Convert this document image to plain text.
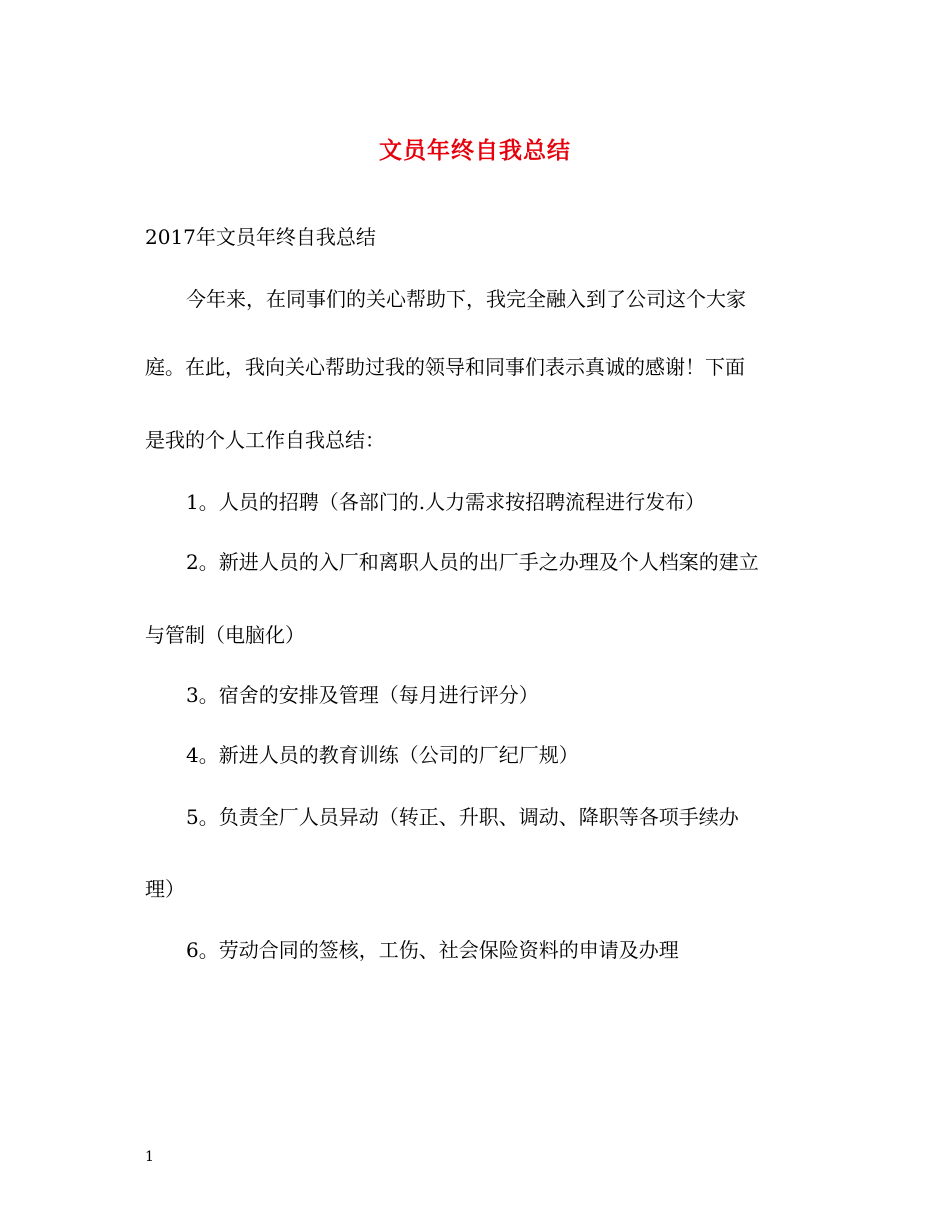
文员年终自我总结
2017年文员年终自我总结
今年来，在同事们的关心帮助下，我完全融入到了公司这个大家
庭。在此，我向关心帮助过我的领导和同事们表示真诚的感谢！下面
是我的个人工作自我总结：
1。人员的招聘（各部门的.人力需求按招聘流程进行发布）
2。新进人员的入厂和离职人员的出厂手之办理及个人档案的建立
与管制（电脑化）
3。宿舍的安排及管理（每月进行评分）
4。新进人员的教育训练（公司的厂纪厂规）
5。负责全厂人员异动（转正、升职、调动、降职等各项手续办
理）
6。劳动合同的签核，工伤、社会保险资料的申请及办理
1
